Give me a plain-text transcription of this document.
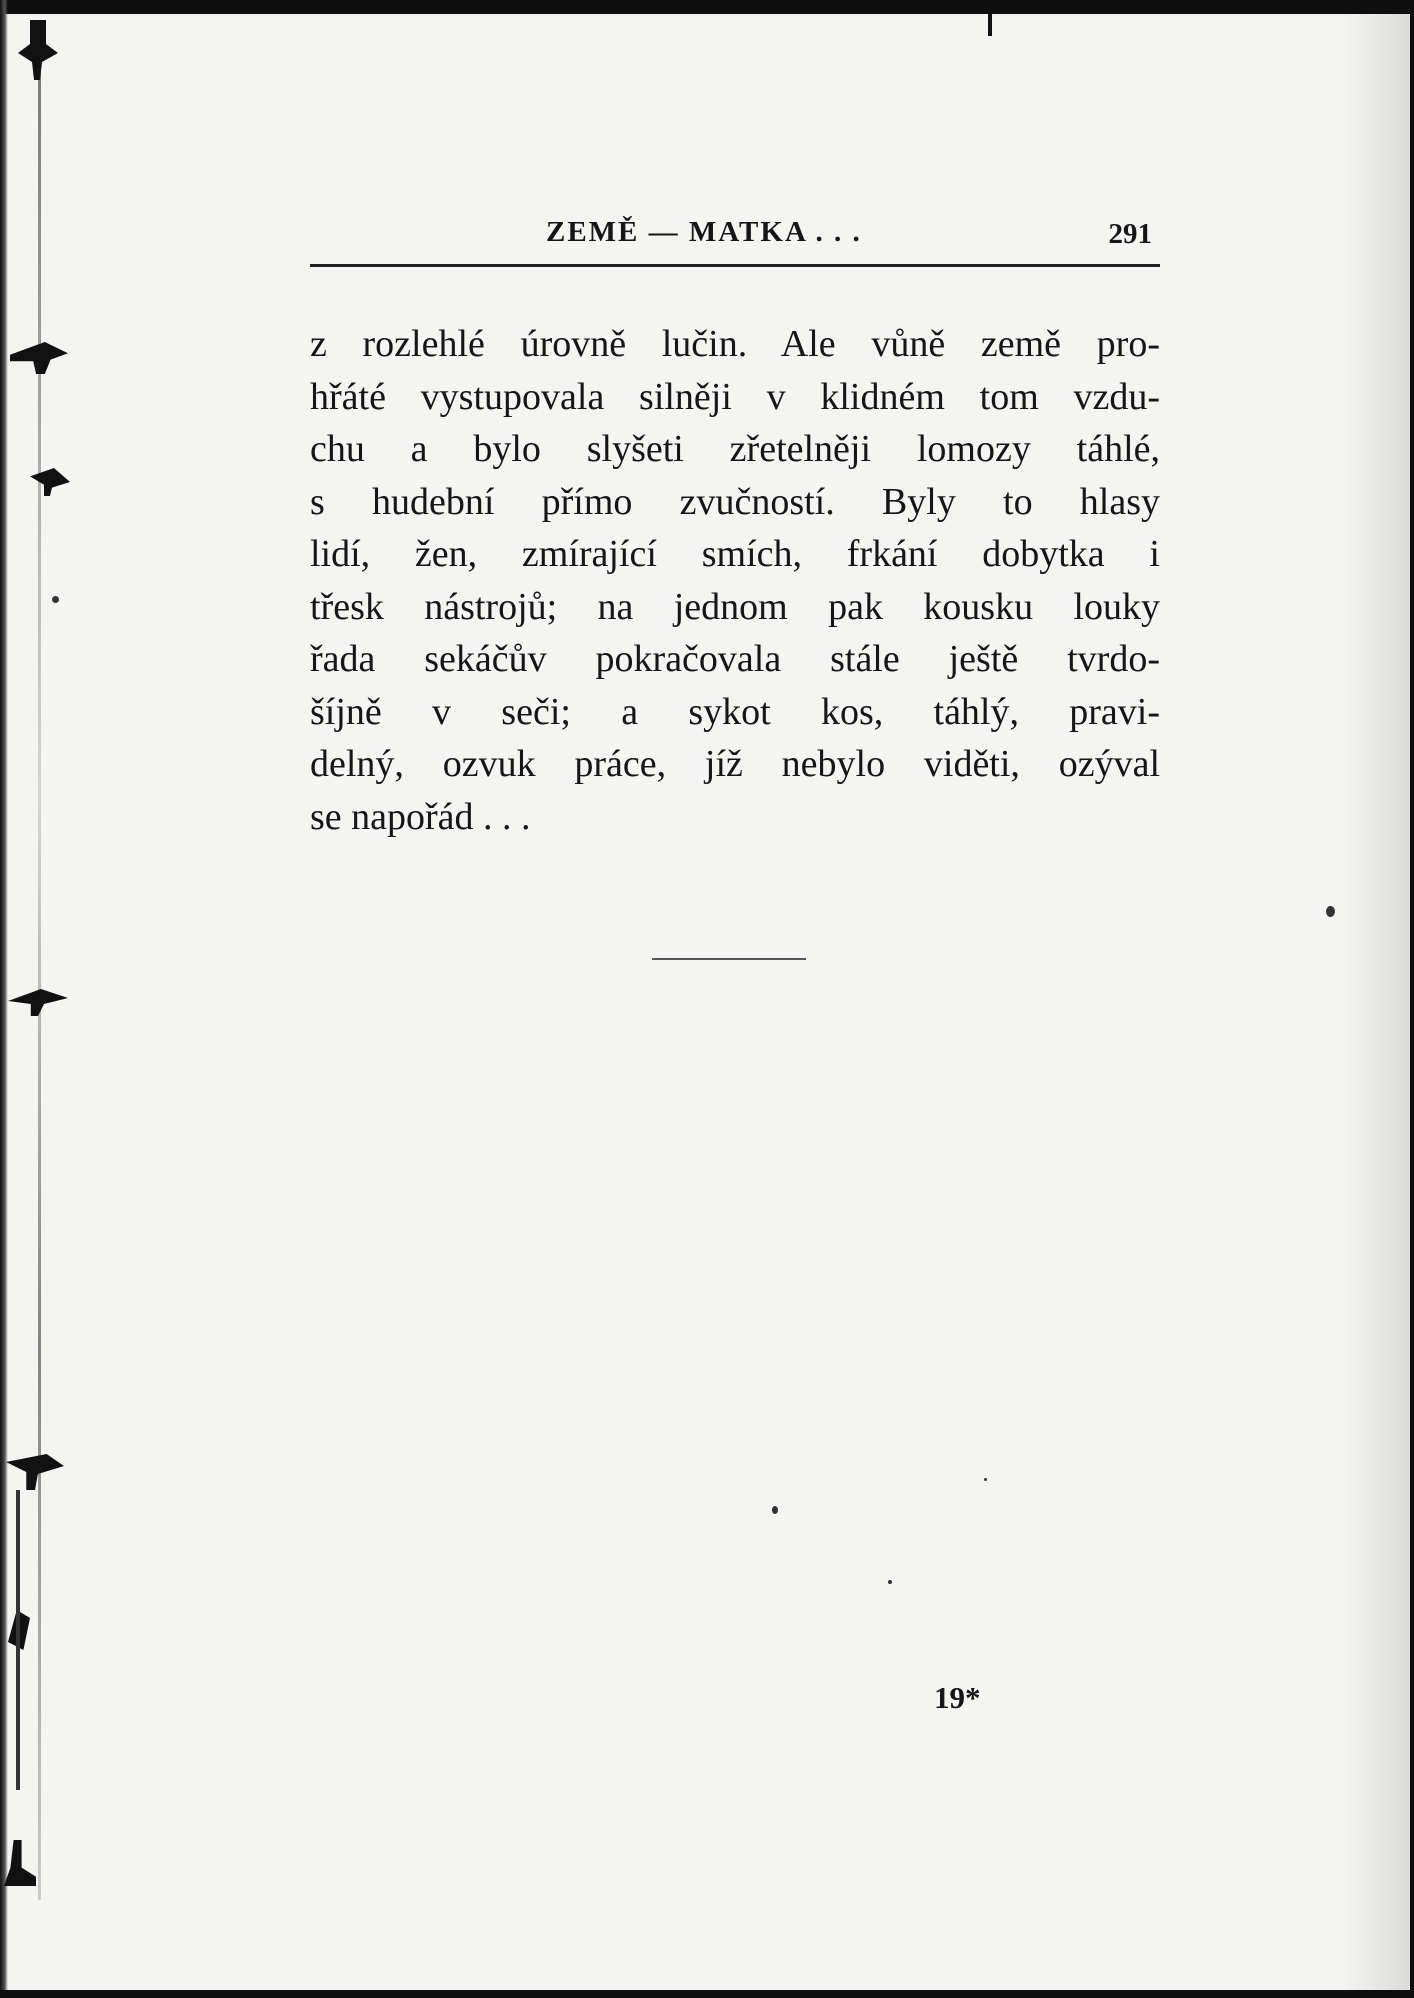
ZEMĚ — MATKA . . .	291
z rozlehlé úrovně lučin. Ale vůně země pro-
hřáté vystupovala silněji v klidném tom vzdu-
chu a bylo slyšeti zřetelněji lomozy táhlé,
s hudební přímo zvučností. Byly to hlasy
lidí, žen, zmírající smích, frkání dobytka i
třesk nástrojů; na jednom pak kousku louky
řada sekáčův pokračovala stále ještě tvrdo-
šíjně v seči; a sykot kos, táhlý, pravi-
delný, ozvuk práce, jíž nebylo viděti, ozýval
se napořád . . .
19*
